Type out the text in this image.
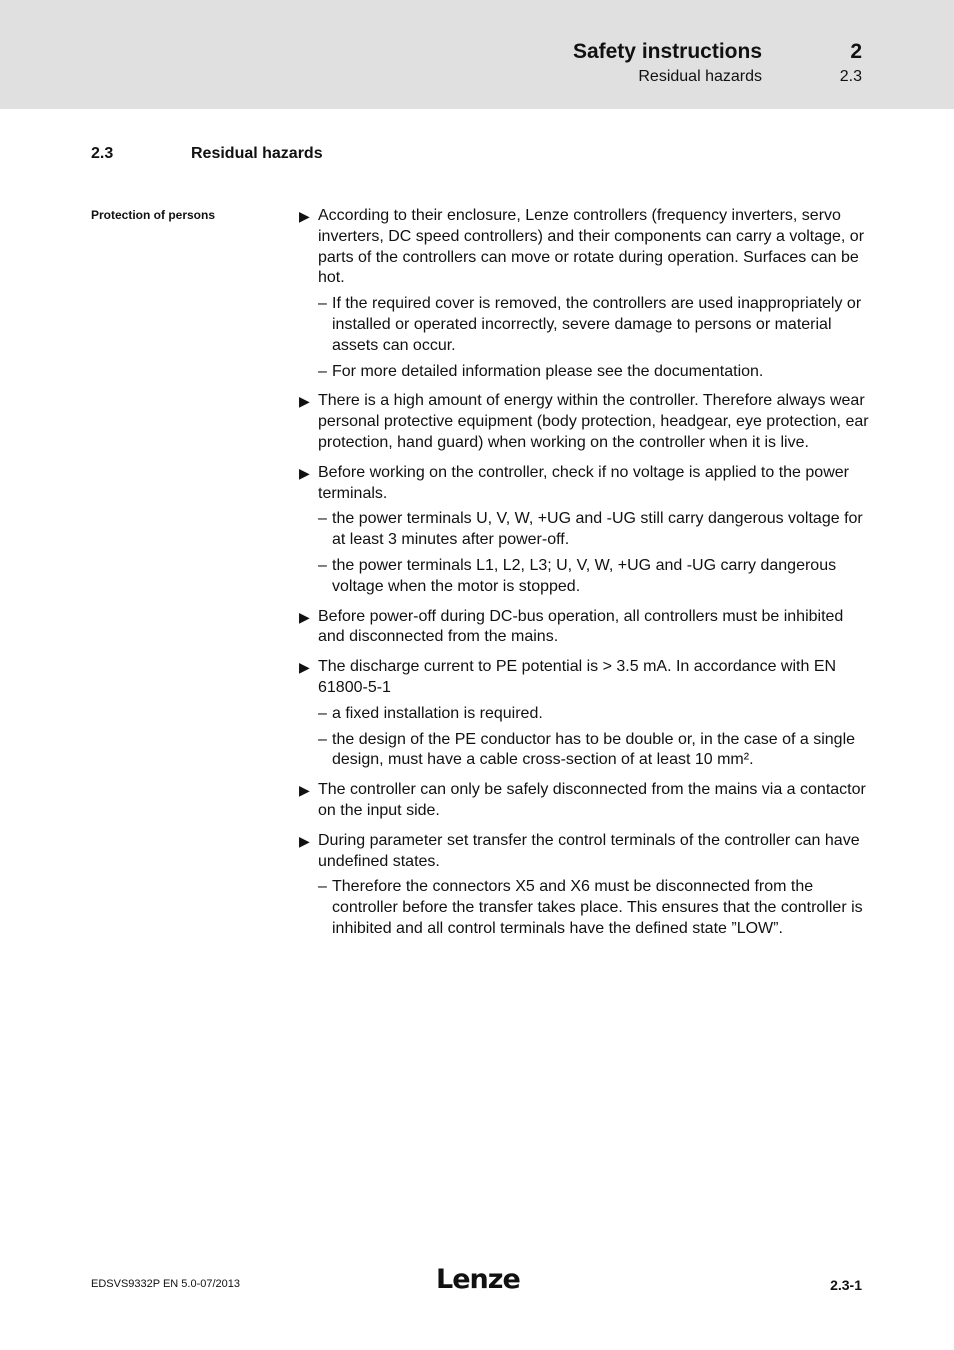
Safety instructions	2
Residual hazards	2.3
2.3	Residual hazards
Protection of persons	▶ According to their enclosure, Lenze controllers (frequency inverters, servo inverters, DC speed controllers) and their components can carry a voltage, or parts of the controllers can move or rotate during operation. Surfaces can be hot.
– If the required cover is removed, the controllers are used inappropriately or installed or operated incorrectly, severe damage to persons or material assets can occur.
– For more detailed information please see the documentation.
▶ There is a high amount of energy within the controller. Therefore always wear personal protective equipment (body protection, headgear, eye protection, ear protection, hand guard) when working on the controller when it is live.
▶ Before working on the controller, check if no voltage is applied to the power terminals.
– the power terminals U, V, W, +UG and -UG still carry dangerous voltage for at least 3 minutes after power-off.
– the power terminals L1, L2, L3; U, V, W, +UG and -UG carry dangerous voltage when the motor is stopped.
▶ Before power-off during DC-bus operation, all controllers must be inhibited and disconnected from the mains.
▶ The discharge current to PE potential is > 3.5 mA. In accordance with EN 61800-5-1
– a fixed installation is required.
– the design of the PE conductor has to be double or, in the case of a single design, must have a cable cross-section of at least 10 mm².
▶ The controller can only be safely disconnected from the mains via a contactor on the input side.
▶ During parameter set transfer the control terminals of the controller can have undefined states.
– Therefore the connectors X5 and X6 must be disconnected from the controller before the transfer takes place. This ensures that the controller is inhibited and all control terminals have the defined state ”LOW”.
EDSVS9332P EN 5.0-07/2013	Lenze	2.3-1
